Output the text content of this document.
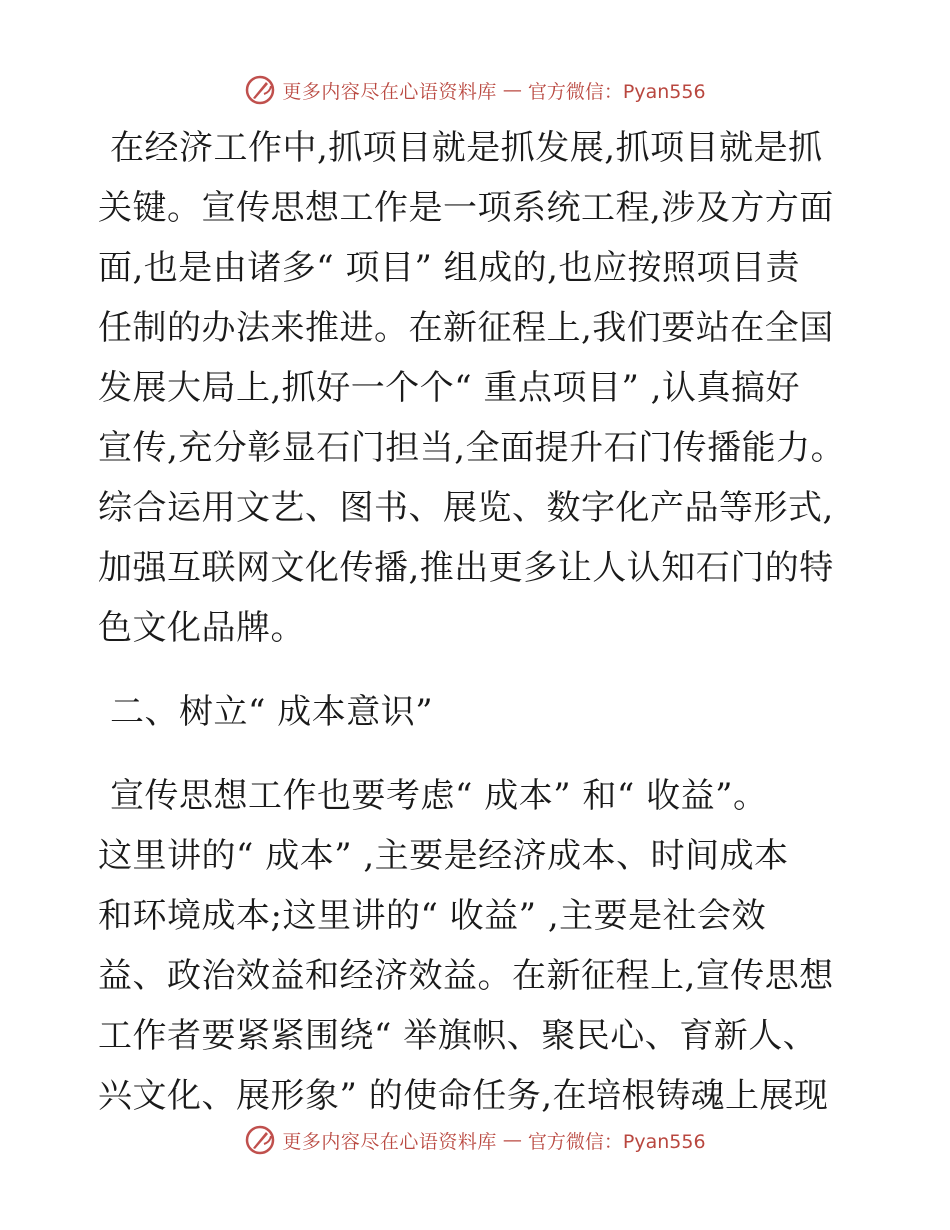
更多内容尽在心语资料库 — 官方微信：Pyan556
在经济工作中,抓项目就是抓发展,抓项目就是抓
关键。宣传思想工作是一项系统工程,涉及方方面
面,也是由诸多“ 项目” 组成的,也应按照项目责
任制的办法来推进。在新征程上,我们要站在全国
发展大局上,抓好一个个“ 重点项目” ,认真搞好
宣传,充分彰显石门担当,全面提升石门传播能力。
综合运用文艺、图书、展览、数字化产品等形式,
加强互联网文化传播,推出更多让人认知石门的特
色文化品牌。
二、树立“ 成本意识”
宣传思想工作也要考虑“ 成本” 和“ 收益”。
这里讲的“ 成本” ,主要是经济成本、时间成本
和环境成本;这里讲的“ 收益” ,主要是社会效
益、政治效益和经济效益。在新征程上,宣传思想
工作者要紧紧围绕“ 举旗帜、聚民心、育新人、
兴文化、展形象” 的使命任务,在培根铸魂上展现
更多内容尽在心语资料库 — 官方微信：Pyan556
